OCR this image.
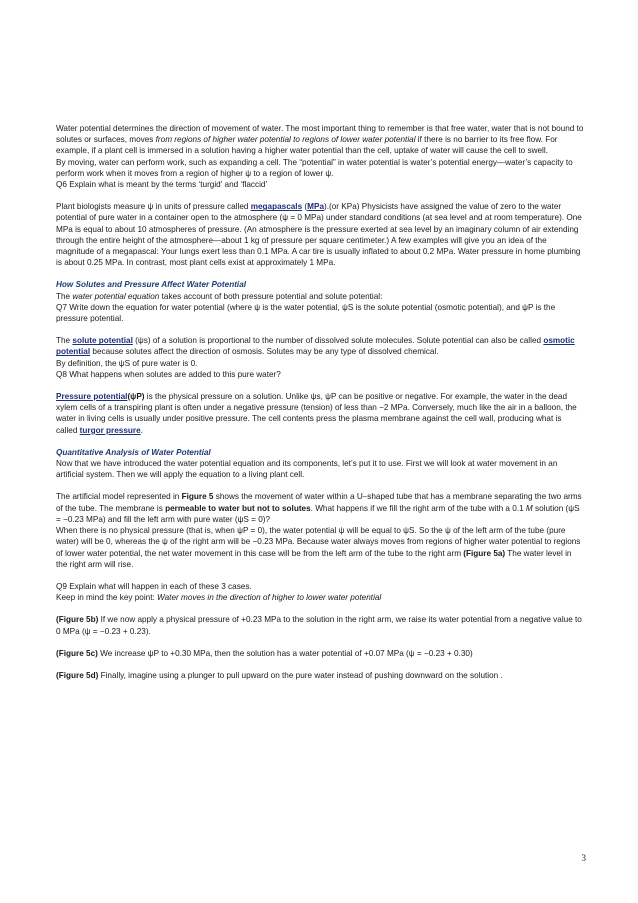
Water potential determines the direction of movement of water. The most important thing to remember is that free water, water that is not bound to solutes or surfaces, moves from regions of higher water potential to regions of lower water potential if there is no barrier to its free flow. For example, if a plant cell is immersed in a solution having a higher water potential than the cell, uptake of water will cause the cell to swell.

By moving, water can perform work, such as expanding a cell. The “potential” in water potential is water’s potential energy—water’s capacity to perform work when it moves from a region of higher ψ to a region of lower ψ.

Q6 Explain what is meant by the terms ‘turgid’ and ‘flaccid’

Plant biologists measure ψ in units of pressure called megapascals (MPa).(or KPa) Physicists have assigned the value of zero to the water potential of pure water in a container open to the atmosphere (ψ = 0 MPa) under standard conditions (at sea level and at room temperature). One MPa is equal to about 10 atmospheres of pressure. (An atmosphere is the pressure exerted at sea level by an imaginary column of air extending through the entire height of the atmosphere—about 1 kg of pressure per square centimeter.) A few examples will give you an idea of the magnitude of a megapascal: Your lungs exert less than 0.1 MPa. A car tire is usually inflated to about 0.2 MPa. Water pressure in home plumbing is about 0.25 MPa. In contrast, most plant cells exist at approximately 1 MPa.

How Solutes and Pressure Affect Water Potential

The water potential equation takes account of both pressure potential and solute potential:

Q7 Write down the equation for water potential (where ψ is the water potential, ψS is the solute potential (osmotic potential), and ψP is the pressure potential.

The solute potential (ψs) of a solution is proportional to the number of dissolved solute molecules. Solute potential can also be called osmotic potential because solutes affect the direction of osmosis. Solutes may be any type of dissolved chemical.

By definition, the ψS of pure water is 0.

Q8 What happens when solutes are added to this pure water?

Pressure potential(ψP) is the physical pressure on a solution. Unlike ψs, ψP can be positive or negative. For example, the water in the dead xylem cells of a transpiring plant is often under a negative pressure (tension) of less than −2 MPa. Conversely, much like the air in a balloon, the water in living cells is usually under positive pressure. The cell contents press the plasma membrane against the cell wall, producing what is called turgor pressure.

Quantitative Analysis of Water Potential

Now that we have introduced the water potential equation and its components, let’s put it to use. First we will look at water movement in an artificial system. Then we will apply the equation to a living plant cell.

The artificial model represented in Figure 5 shows the movement of water within a U–shaped tube that has a membrane separating the two arms of the tube. The membrane is permeable to water but not to solutes. What happens if we fill the right arm of the tube with a 0.1 M solution (ψS = −0.23 MPa) and fill the left arm with pure water (ψS = 0)?

When there is no physical pressure (that is, when ψP = 0), the water potential ψ will be equal to ψS. So the ψ of the left arm of the tube (pure water) will be 0, whereas the ψ of the right arm will be −0.23 MPa. Because water always moves from regions of higher water potential to regions of lower water potential, the net water movement in this case will be from the left arm of the tube to the right arm (Figure 5a) The water level in the right arm will rise.

Q9 Explain what will happen in each of these 3 cases.

Keep in mind the key point: Water moves in the direction of higher to lower water potential

(Figure 5b) If we now apply a physical pressure of +0.23 MPa to the solution in the right arm, we raise its water potential from a negative value to 0 MPa (ψ = −0.23 + 0.23).

(Figure 5c) We increase ψP to +0.30 MPa, then the solution has a water potential of +0.07 MPa (ψ = −0.23 + 0.30)

(Figure 5d) Finally, imagine using a plunger to pull upward on the pure water instead of pushing downward on the solution .

3
